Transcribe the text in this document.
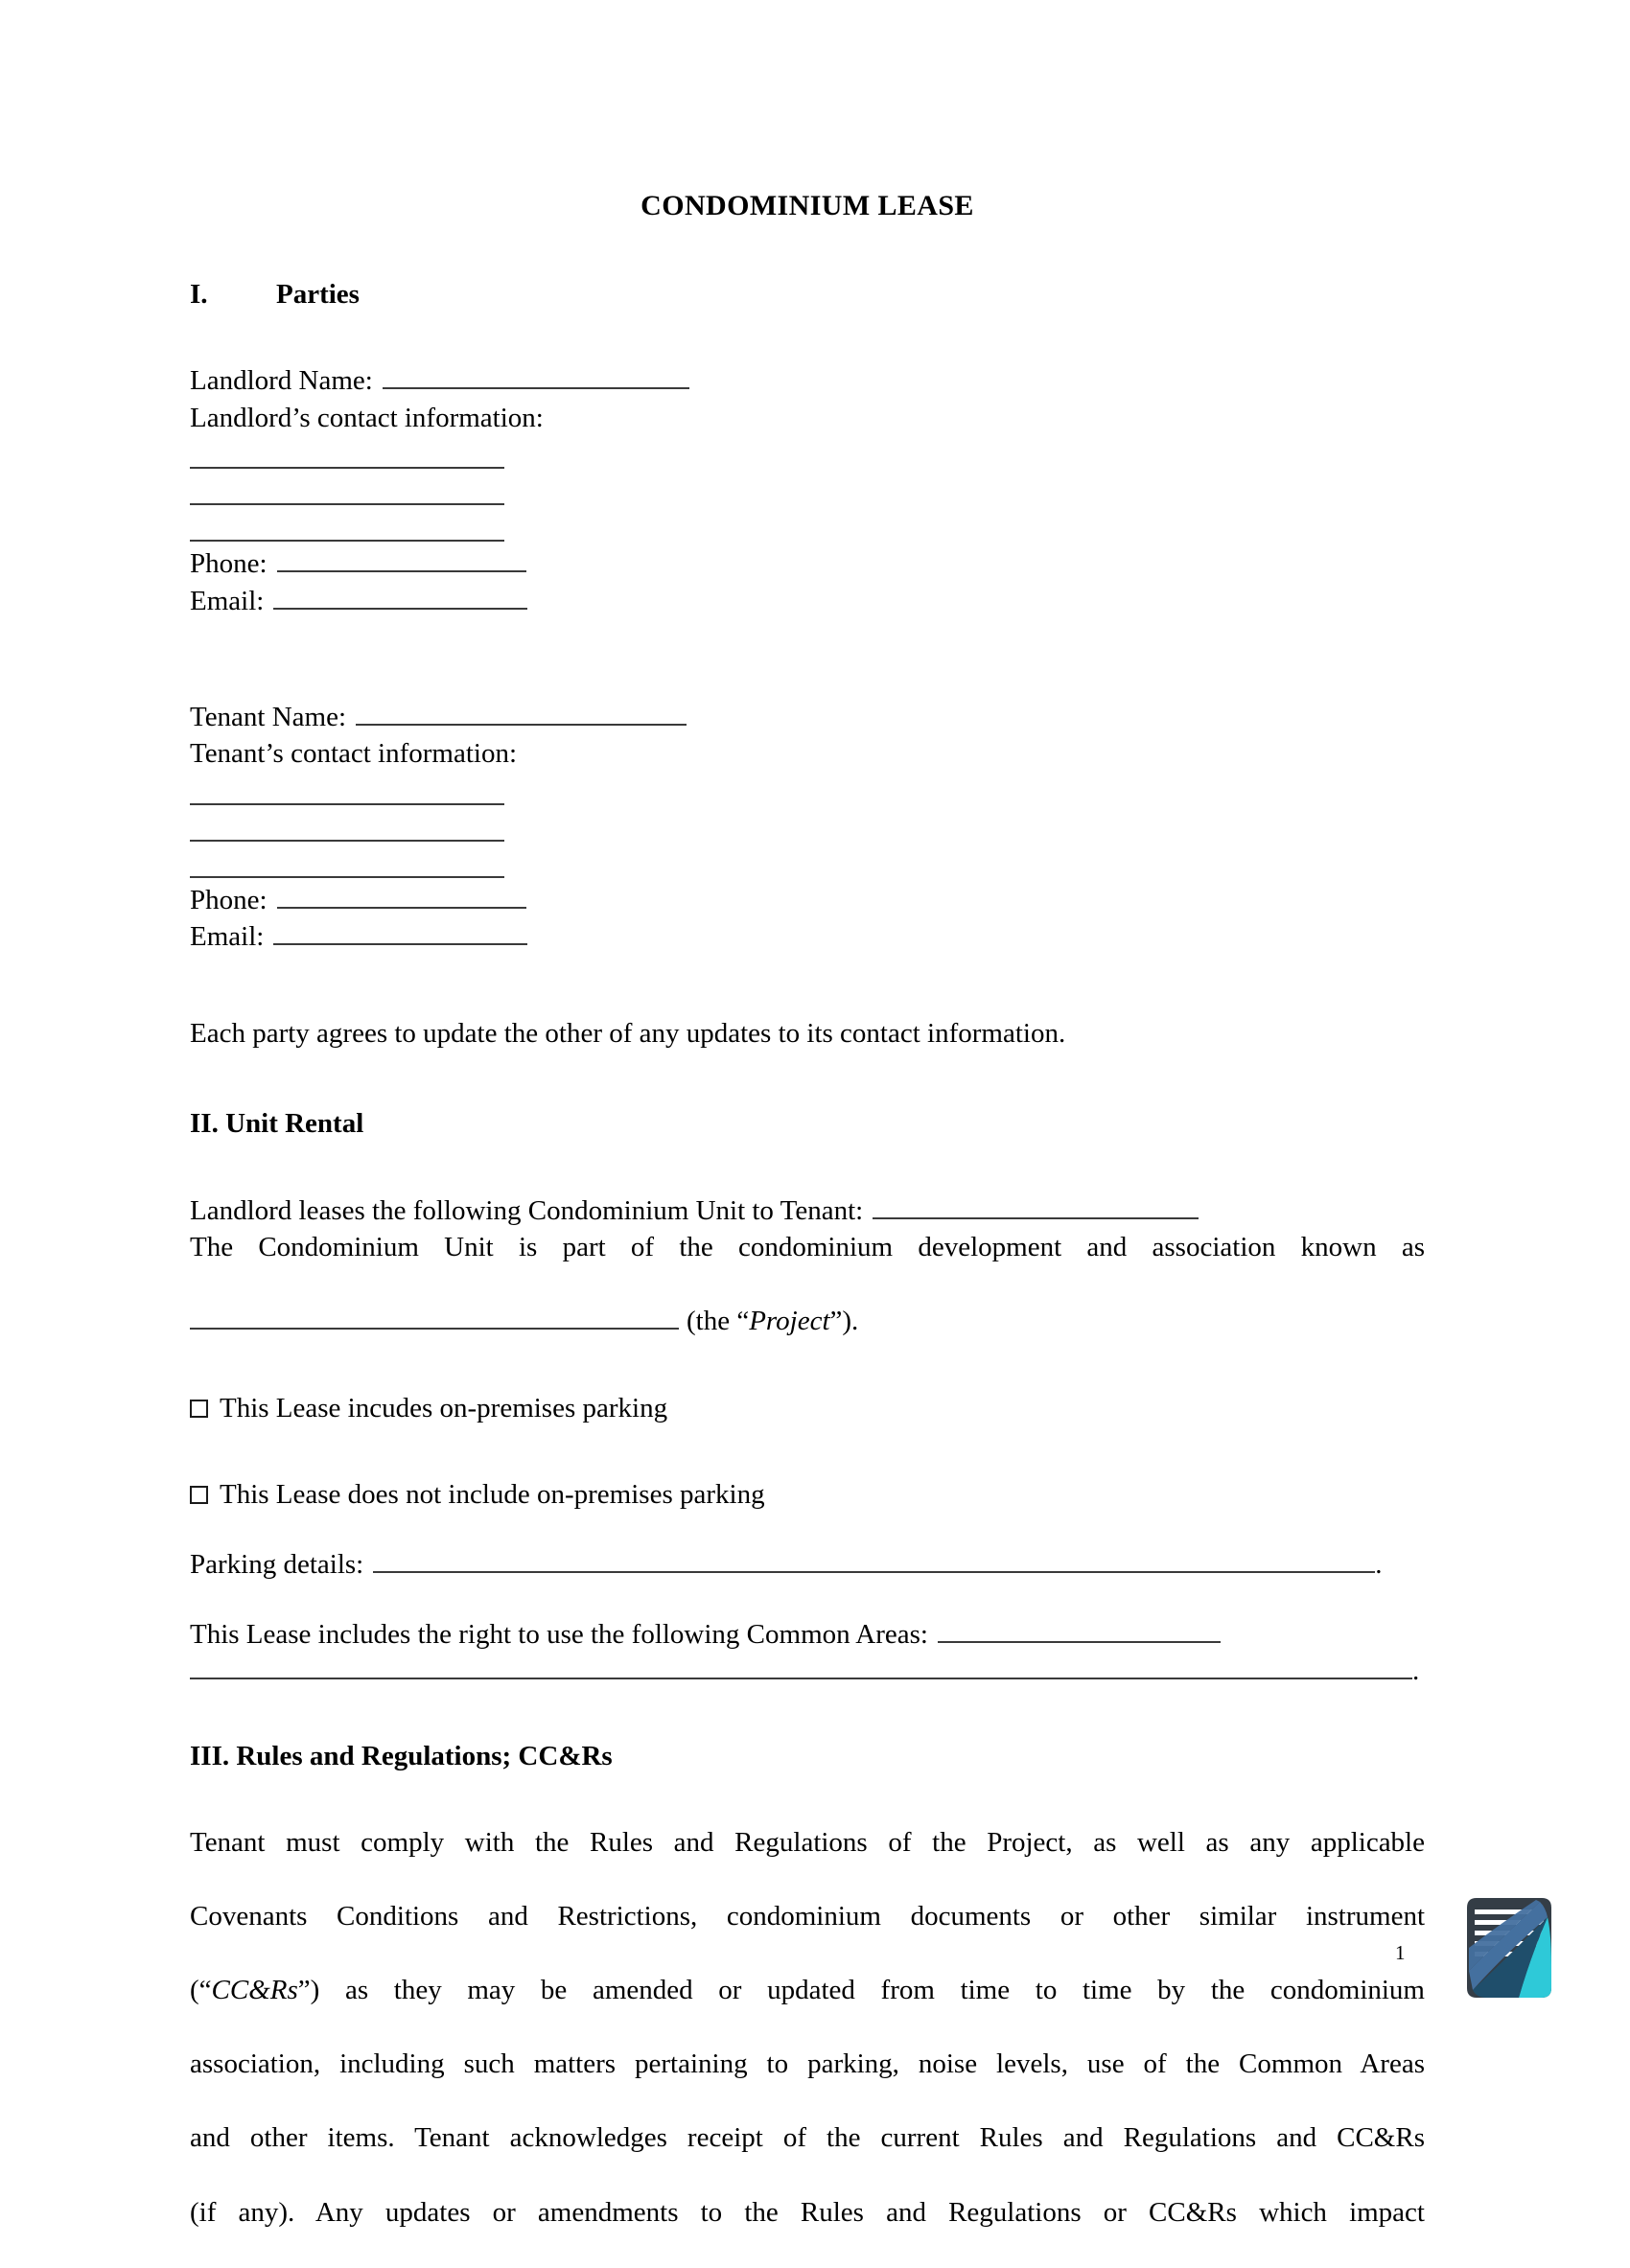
CONDOMINIUM LEASE
I. Parties
Landlord Name:
Landlord’s contact information:
Phone:
Email:
Tenant Name:
Tenant’s contact information:
Phone:
Email:
Each party agrees to update the other of any updates to its contact information.
II. Unit Rental
Landlord leases the following Condominium Unit to Tenant:
The Condominium Unit is part of the condominium development and association known as
(the “Project”).
This Lease incudes on-premises parking
This Lease does not include on-premises parking
Parking details:	.
This Lease includes the right to use the following Common Areas:
.
III. Rules and Regulations; CC&Rs
Tenant must comply with the Rules and Regulations of the Project, as well as any applicable
Covenants Conditions and Restrictions, condominium documents or other similar instrument
(“CC&Rs”) as they may be amended or updated from time to time by the condominium
association, including such matters pertaining to parking, noise levels, use of the Common Areas
and other items. Tenant acknowledges receipt of the current Rules and Regulations and CC&Rs
(if any). Any updates or amendments to the Rules and Regulations or CC&Rs which impact
1
